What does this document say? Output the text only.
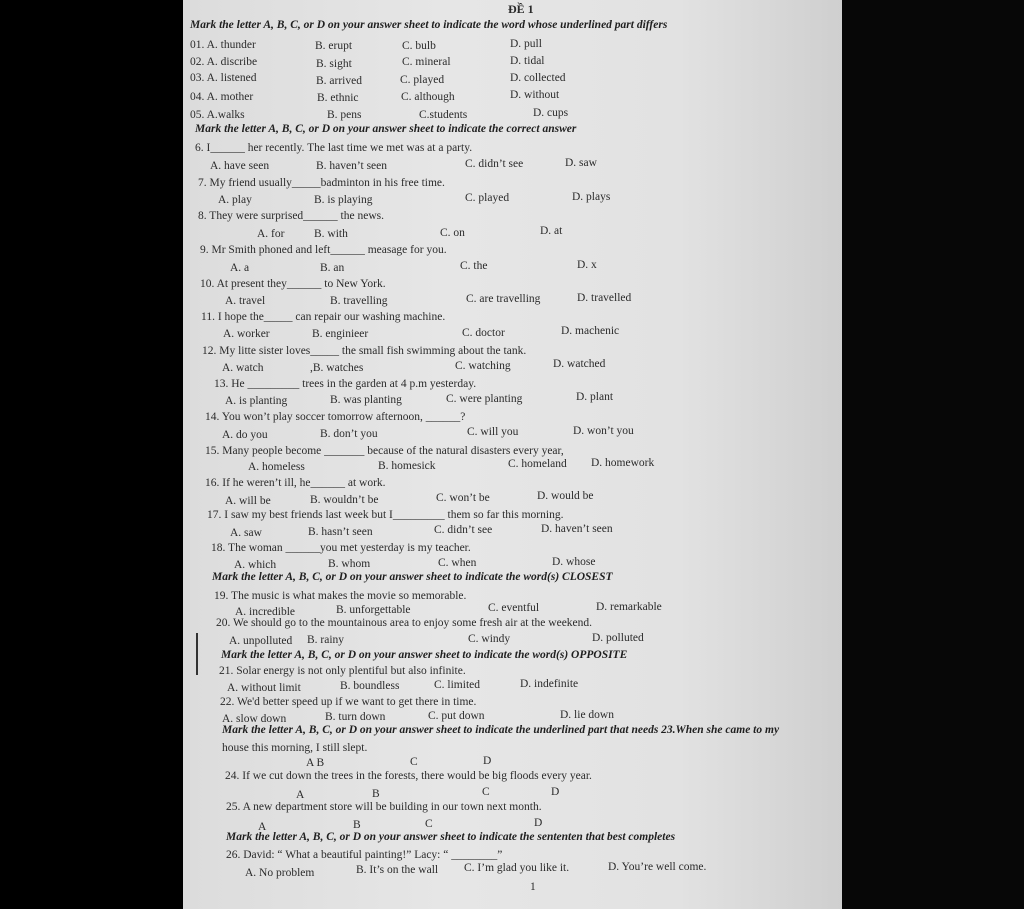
ĐỀ 1
Mark the letter A, B, C, or D on your answer sheet to indicate the word whose underlined part differs
01. A. thunder	B. erupt	C. bulb	D. pull
02. A. discribe	B. sight	C. mineral	D. tidal
03. A. listened	B. arrived	C. played	D. collected
04. A. mother	B. ethnic	C. although	D. without
05. A.walks	B. pens	C.students	D. cups
Mark the letter A, B, C, or D on your answer sheet to indicate the correct answer
6. I______ her recently. The last time we met was at a party.
A. have seen	B. haven’t seen	C. didn’t see	D. saw
7. My friend usually_____badminton in his free time.
A. play	B. is playing	C. played	D. plays
8. They were surprised______ the news.
A. for	B. with	C. on	D. at
9. Mr Smith phoned and left______ measage for you.
A. a	B. an	C. the	D. x
10. At present they______ to New York.
A. travel	B. travelling	C. are travelling	D. travelled
11. I hope the_____ can repair our washing machine.
A. worker	B. enginieer	C. doctor	D. machenic
12. My litte sister loves_____ the small fish swimming about the tank.
A. watch	,B. watches	C. watching	D. watched
13. He _________ trees in the garden at 4 p.m yesterday.
A. is planting	B. was planting	C. were planting	D. plant
14. You won’t play soccer tomorrow afternoon, ______?
A. do you	B. don’t you	C. will you	D. won’t you
15. Many people become _______ because of the natural disasters every year,
A. homeless	B. homesick	C. homeland D. homework
16. If he weren’t ill, he______ at work.
A. will be	B. wouldn’t be	C. won’t be	D. would be
17. I saw my best friends last week but I_________ them so far this morning.
A. saw	B. hasn’t seen	C. didn’t see	D. haven’t seen
18. The woman ______you met yesterday is my teacher.
A. which	B. whom	C. when	D. whose
Mark the letter A, B, C, or D on your answer sheet to indicate the word(s) CLOSEST
19. The music is what makes the movie so memorable.
A. incredible	B. unforgettable	C. eventful	D. remarkable
20. We should go to the mountainous area to enjoy some fresh air at the weekend.
A. unpolluted B. rainy	C. windy	D. polluted
Mark the letter A, B, C, or D on your answer sheet to indicate the word(s) OPPOSITE
21. Solar energy is not only plentiful but also infinite.
A. without limit	B. boundless	C. limited	D. indefinite
22. We'd better speed up if we want to get there in time.
A. slow down	B. turn down	C. put down	D. lie down
Mark the letter A, B, C, or D on your answer sheet to indicate the underlined part that needs 23.When she came to my
house this morning, I still slept.
A B	C	D
24. If we cut down the trees in the forests, there would be big floods every year.
A	B	C	D
25. A new department store will be building in our town next month.
A	B	C	D
Mark the letter A, B, C, or D on your answer sheet to indicate the sententen that best completes
26. David: “ What a beautiful painting!” Lacy: “ ________”
A. No problem	B. It’s on the wall C. I’m glad you like it.	D. You’re well come.
1
